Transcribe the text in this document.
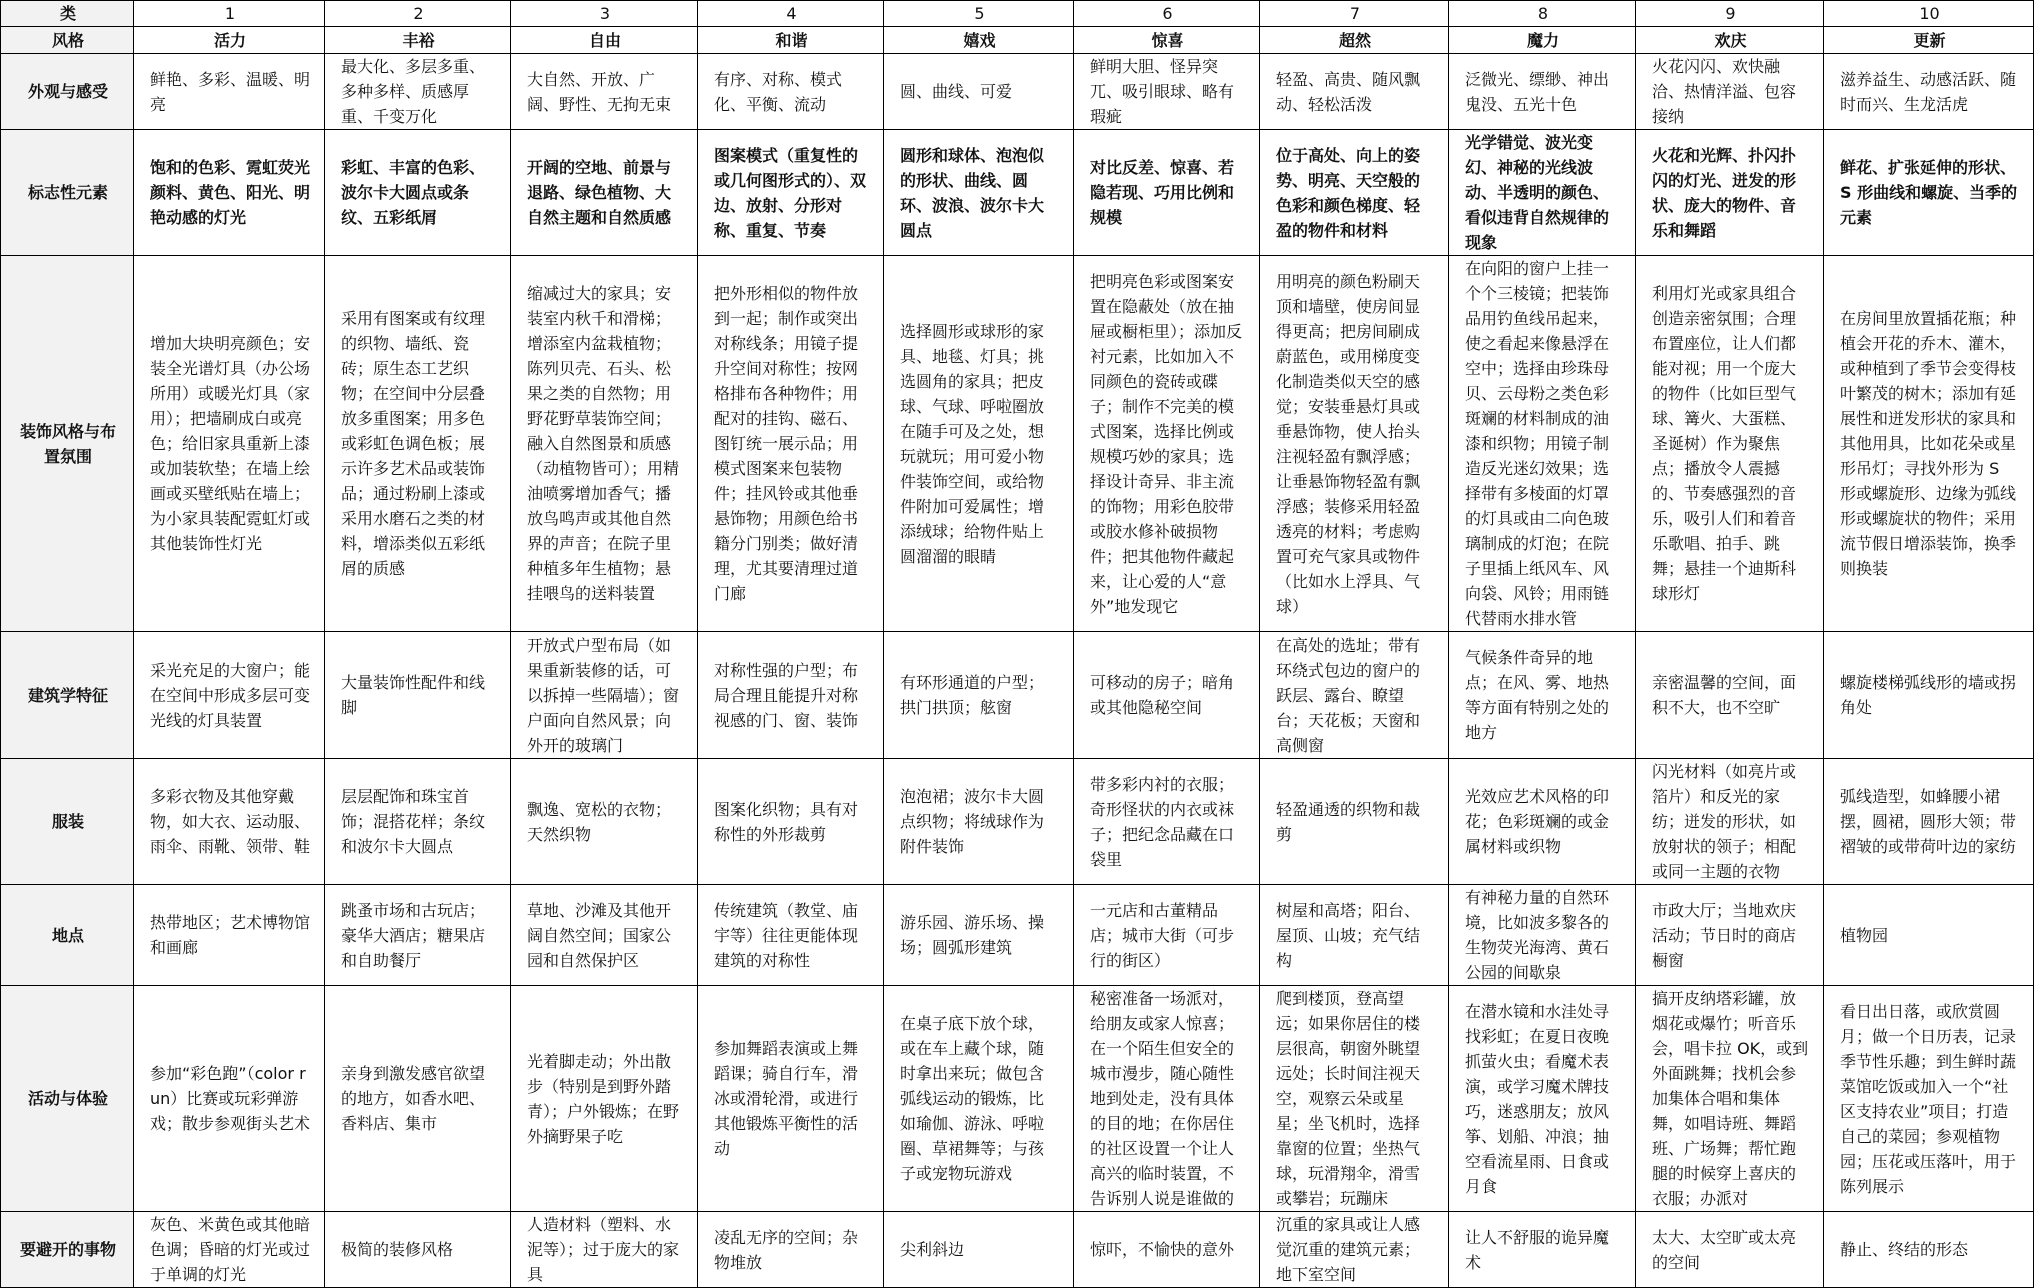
类	1	2	3	4	5	6	7	8	9	10
风格	活力	丰裕	自由	和谐	嬉戏	惊喜	超然	魔力	欢庆	更新
外观与感受	鲜艳、多彩、温暖、明亮	最大化、多层多重、多种多样、质感厚重、千变万化	大自然、开放、广阔、野性、无拘无束	有序、对称、模式化、平衡、流动	圆、曲线、可爱	鲜明大胆、怪异突兀、吸引眼球、略有瑕疵	轻盈、高贵、随风飘动、轻松活泼	泛微光、缥缈、神出鬼没、五光十色	火花闪闪、欢快融洽、热情洋溢、包容接纳	滋养益生、动感活跃、随时而兴、生龙活虎
标志性元素	饱和的色彩、霓虹荧光颜料、黄色、阳光、明艳动感的灯光	彩虹、丰富的色彩、波尔卡大圆点或条纹、五彩纸屑	开阔的空地、前景与退路、绿色植物、大自然主题和自然质感	图案模式（重复性的或几何图形式的）、双边、放射、分形对称、重复、节奏	圆形和球体、泡泡似的形状、曲线、圆环、波浪、波尔卡大圆点	对比反差、惊喜、若隐若现、巧用比例和规模	位于高处、向上的姿势、明亮、天空般的色彩和颜色梯度、轻盈的物件和材料	光学错觉、波光变幻、神秘的光线波动、半透明的颜色、看似违背自然规律的现象	火花和光辉、扑闪扑闪的灯光、迸发的形状、庞大的物件、音乐和舞蹈	鲜花、扩张延伸的形状、S 形曲线和螺旋、当季的元素
装饰风格与布置氛围	增加大块明亮颜色；安装全光谱灯具（办公场所用）或暖光灯具（家用）；把墙刷成白或亮色；给旧家具重新上漆或加装软垫；在墙上绘画或买壁纸贴在墙上；为小家具装配霓虹灯或其他装饰性灯光	采用有图案或有纹理的织物、墙纸、瓷砖；原生态工艺织物；在空间中分层叠放多重图案；用多色或彩虹色调色板；展示许多艺术品或装饰品；通过粉刷上漆或采用水磨石之类的材料，增添类似五彩纸屑的质感	缩减过大的家具；安装室内秋千和滑梯；增添室内盆栽植物；陈列贝壳、石头、松果之类的自然物；用野花野草装饰空间；融入自然图景和质感（动植物皆可）；用精油喷雾增加香气；播放鸟鸣声或其他自然界的声音；在院子里种植多年生植物；悬挂喂鸟的送料装置	把外形相似的物件放到一起；制作或突出对称线条；用镜子提升空间对称性；按网格排布各种物件；用配对的挂钩、磁石、图钉统一展示品；用模式图案来包装物件；挂风铃或其他垂悬饰物；用颜色给书籍分门别类；做好清理，尤其要清理过道门廊	选择圆形或球形的家具、地毯、灯具；挑选圆角的家具；把皮球、气球、呼啦圈放在随手可及之处，想玩就玩；用可爱小物件装饰空间，或给物件附加可爱属性；增添绒球；给物件贴上圆溜溜的眼睛	把明亮色彩或图案安置在隐蔽处（放在抽屉或橱柜里）；添加反衬元素，比如加入不同颜色的瓷砖或碟子；制作不完美的模式图案，选择比例或规模巧妙的家具；选择设计奇异、非主流的饰物；用彩色胶带或胶水修补破损物件；把其他物件藏起来，让心爱的人“意外”地发现它	用明亮的颜色粉刷天顶和墙壁，使房间显得更高；把房间刷成蔚蓝色，或用梯度变化制造类似天空的感觉；安装垂悬灯具或垂悬饰物，使人抬头注视轻盈有飘浮感；让垂悬饰物轻盈有飘浮感；装修采用轻盈透亮的材料；考虑购置可充气家具或物件（比如水上浮具、气球）	在向阳的窗户上挂一个个三棱镜；把装饰品用钓鱼线吊起来，使之看起来像悬浮在空中；选择由珍珠母贝、云母粉之类色彩斑斓的材料制成的油漆和织物；用镜子制造反光迷幻效果；选择带有多棱面的灯罩的灯具或由二向色玻璃制成的灯泡；在院子里插上纸风车、风向袋、风铃；用雨链代替雨水排水管	利用灯光或家具组合创造亲密氛围；合理布置座位，让人们都能对视；用一个庞大的物件（比如巨型气球、篝火、大蛋糕、圣诞树）作为聚焦点；播放令人震撼的、节奏感强烈的音乐，吸引人们和着音乐歌唱、拍手、跳舞；悬挂一个迪斯科球形灯	在房间里放置插花瓶；种植会开花的乔木、灌木，或种植到了季节会变得枝叶繁茂的树木；添加有延展性和迸发形状的家具和其他用具，比如花朵或星形吊灯；寻找外形为 S 形或螺旋形、边缘为弧线形或螺旋状的物件；采用流节假日增添装饰，换季则换装
建筑学特征	采光充足的大窗户；能在空间中形成多层可变光线的灯具装置	大量装饰性配件和线脚	开放式户型布局（如果重新装修的话，可以拆掉一些隔墙）；窗户面向自然风景；向外开的玻璃门	对称性强的户型；布局合理且能提升对称视感的门、窗、装饰	有环形通道的户型；拱门拱顶；舷窗	可移动的房子；暗角或其他隐秘空间	在高处的选址；带有环绕式包边的窗户的跃层、露台、瞭望台；天花板；天窗和高侧窗	气候条件奇异的地点；在风、雾、地热等方面有特别之处的地方	亲密温馨的空间，面积不大，也不空旷	螺旋楼梯弧线形的墙或拐角处
服装	多彩衣物及其他穿戴物，如大衣、运动服、雨伞、雨靴、领带、鞋	层层配饰和珠宝首饰；混搭花样；条纹和波尔卡大圆点	飘逸、宽松的衣物；天然织物	图案化织物；具有对称性的外形裁剪	泡泡裙；波尔卡大圆点织物；将绒球作为附件装饰	带多彩内衬的衣服；奇形怪状的内衣或袜子；把纪念品藏在口袋里	轻盈通透的织物和裁剪	光效应艺术风格的印花；色彩斑斓的或金属材料或织物	闪光材料（如亮片或箔片）和反光的家纺；迸发的形状，如放射状的领子；相配或同一主题的衣物	弧线造型，如蜂腰小裙摆，圆裙，圆形大领；带褶皱的或带荷叶边的家纺
地点	热带地区；艺术博物馆和画廊	跳蚤市场和古玩店；豪华大酒店；糖果店和自助餐厅	草地、沙滩及其他开阔自然空间；国家公园和自然保护区	传统建筑（教堂、庙宇等）往往更能体现建筑的对称性	游乐园、游乐场、操场；圆弧形建筑	一元店和古董精品店；城市大街（可步行的街区）	树屋和高塔；阳台、屋顶、山坡；充气结构	有神秘力量的自然环境，比如波多黎各的生物荧光海湾、黄石公园的间歇泉	市政大厅；当地欢庆活动；节日时的商店橱窗	植物园
活动与体验	参加“彩色跑”（color run）比赛或玩彩弹游戏；散步参观街头艺术	亲身到激发感官欲望的地方，如香水吧、香料店、集市	光着脚走动；外出散步（特别是到野外踏青）；户外锻炼；在野外摘野果子吃	参加舞蹈表演或上舞蹈课；骑自行车，滑冰或滑轮滑，或进行其他锻炼平衡性的活动	在桌子底下放个球，或在车上藏个球，随时拿出来玩；做包含弧线运动的锻炼，比如瑜伽、游泳、呼啦圈、草裙舞等；与孩子或宠物玩游戏	秘密准备一场派对，给朋友或家人惊喜；在一个陌生但安全的城市漫步，随心随性地到处走，没有具体的目的地；在你居住的社区设置一个让人高兴的临时装置，不告诉别人说是谁做的	爬到楼顶，登高望远；如果你居住的楼层很高，朝窗外眺望远处；长时间注视天空，观察云朵或星星；坐飞机时，选择靠窗的位置；坐热气球，玩滑翔伞，滑雪或攀岩；玩蹦床	在潜水镜和水洼处寻找彩虹；在夏日夜晚抓萤火虫；看魔术表演，或学习魔术牌技巧，迷惑朋友；放风筝、划船、冲浪；抽空看流星雨、日食或月食	搞开皮纳塔彩罐，放烟花或爆竹；听音乐会，唱卡拉 OK，或到外面跳舞；找机会参加集体合唱和集体舞，如唱诗班、舞蹈班、广场舞；帮忙跑腿的时候穿上喜庆的衣服；办派对	看日出日落，或欣赏圆月；做一个日历表，记录季节性乐趣；到生鲜时蔬菜馆吃饭或加入一个“社区支持农业”项目；打造自己的菜园；参观植物园；压花或压落叶，用于陈列展示
要避开的事物	灰色、米黄色或其他暗色调；昏暗的灯光或过于单调的灯光	极简的装修风格	人造材料（塑料、水泥等）；过于庞大的家具	凌乱无序的空间；杂物堆放	尖利斜边	惊吓，不愉快的意外	沉重的家具或让人感觉沉重的建筑元素；地下室空间	让人不舒服的诡异魔术	太大、太空旷或太亮的空间	静止、终结的形态
